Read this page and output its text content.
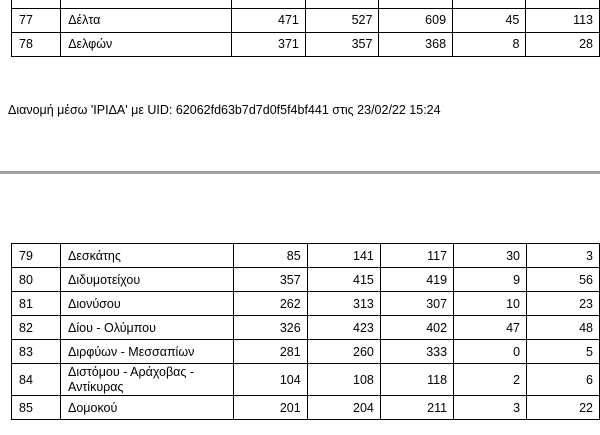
77	Δέλτα	471	527	609	45	113
78	Δελφών	371	357	368	8	28
Διανομή μέσω 'ΙΡΙΔΑ' με UID: 62062fd63b7d7d0f5f4bf441 στις 23/02/22 15:24
79	Δεσκάτης	85	141	117	30	3
80	Διδυμοτείχου	357	415	419	9	56
81	Διονύσου	262	313	307	10	23
82	Δίου - Ολύμπου	326	423	402	47	48
83	Διρφύων - Μεσσαπίων	281	260	333	0	5
84	Διστόμου - Αράχοβας - Αντίκυρας	104	108	118	2	6
85	Δομοκού	201	204	211	3	22
